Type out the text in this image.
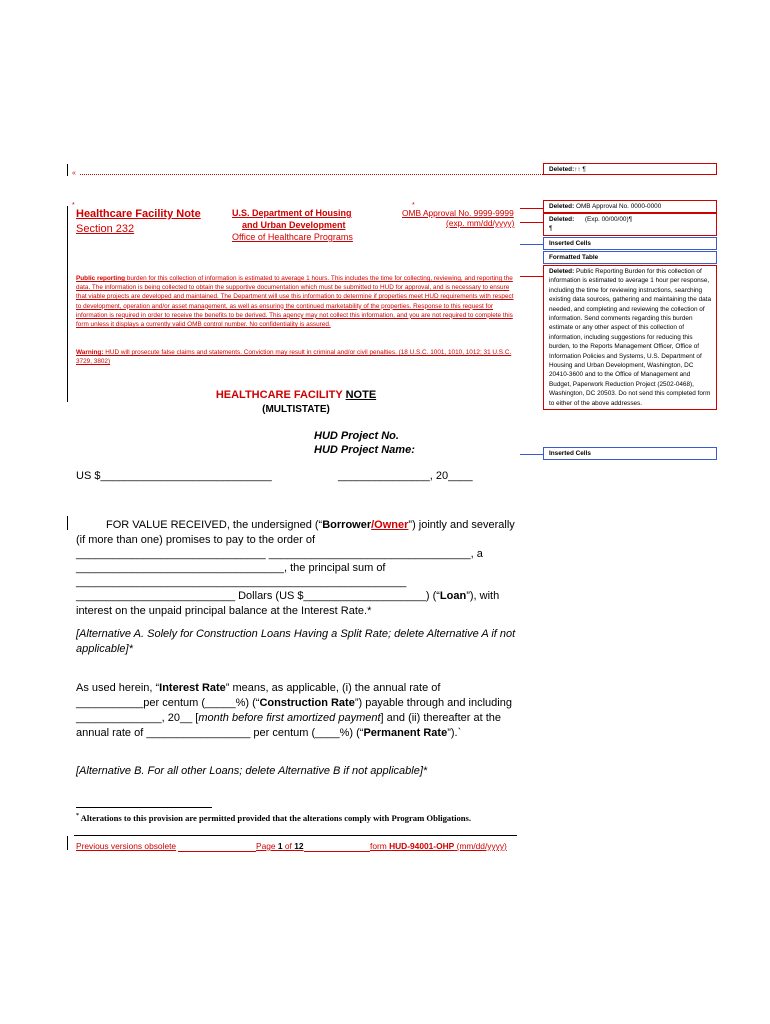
«
*	*
Healthcare Facility Note
Section 232
U.S. Department of Housing
and Urban Development
Office of Healthcare Programs
OMB Approval No. 9999-9999
(exp. mm/dd/yyyy)
Public reporting burden for this collection of information is estimated to average 1 hours. This includes the time for collecting, reviewing, and reporting the data. The information is being collected to obtain the supportive documentation which must be submitted to HUD for approval, and is necessary to ensure that viable projects are developed and maintained. The Department will use this information to determine if properties meet HUD requirements with respect to development, operation and/or asset management, as well as ensuring the continued marketability of the properties. Response to this request for information is required in order to receive the benefits to be derived. This agency may not collect this information, and you are not required to complete this form unless it displays a currently valid OMB control number. No confidentiality is assured.
Warning: HUD will prosecute false claims and statements. Conviction may result in criminal and/or civil penalties. (18 U.S.C. 1001, 1010, 1012; 31 U.S.C. 3729, 3802)
HEALTHCARE FACILITY NOTE
(MULTISTATE)
HUD Project No.
HUD Project Name:
US $____________________________	_______________, 20____
FOR VALUE RECEIVED, the undersigned (“Borrower/Owner”) jointly and severally (if more than one) promises to pay to the order of
_______________________________ _________________________________, a
__________________________________, the principal sum of
______________________________________________________
__________________________ Dollars (US $____________________) (“Loan”), with interest on the unpaid principal balance at the Interest Rate.*
[Alternative A. Solely for Construction Loans Having a Split Rate; delete Alternative A if not applicable]*
As used herein, “Interest Rate” means, as applicable, (i) the annual rate of ___________per centum (_____%) (“Construction Rate”) payable through and including ______________, 20__ [month before first amortized payment] and (ii) thereafter at the annual rate of _________________ per centum (____%) (“Permanent Rate”).`
[Alternative B. For all other Loans; delete Alternative B if not applicable]*
* Alterations to this provision are permitted provided that the alterations comply with Program Obligations.
Previous versions obsolete	Page 1 of 12	form HUD-94001-OHP (mm/dd/yyyy)
Deleted:↑↑ ¶
Deleted: OMB Approval No. 0000-0000
Deleted: (Exp. 00/00/00)¶
¶
Inserted Cells
Formatted Table
Deleted: Public Reporting Burden for this collection of information is estimated to average 1 hour per response, including the time for reviewing instructions, searching existing data sources, gathering and maintaining the data needed, and completing and reviewing the collection of information. Send comments regarding this burden estimate or any other aspect of this collection of information, including suggestions for reducing this burden, to the Reports Management Officer, Office of Information Policies and Systems, U.S. Department of Housing and Urban Development, Washington, DC 20410-3600 and to the Office of Management and Budget, Paperwork Reduction Project (2502-0468), Washington, DC 20503. Do not send this completed form to either of the above addresses.
Inserted Cells
